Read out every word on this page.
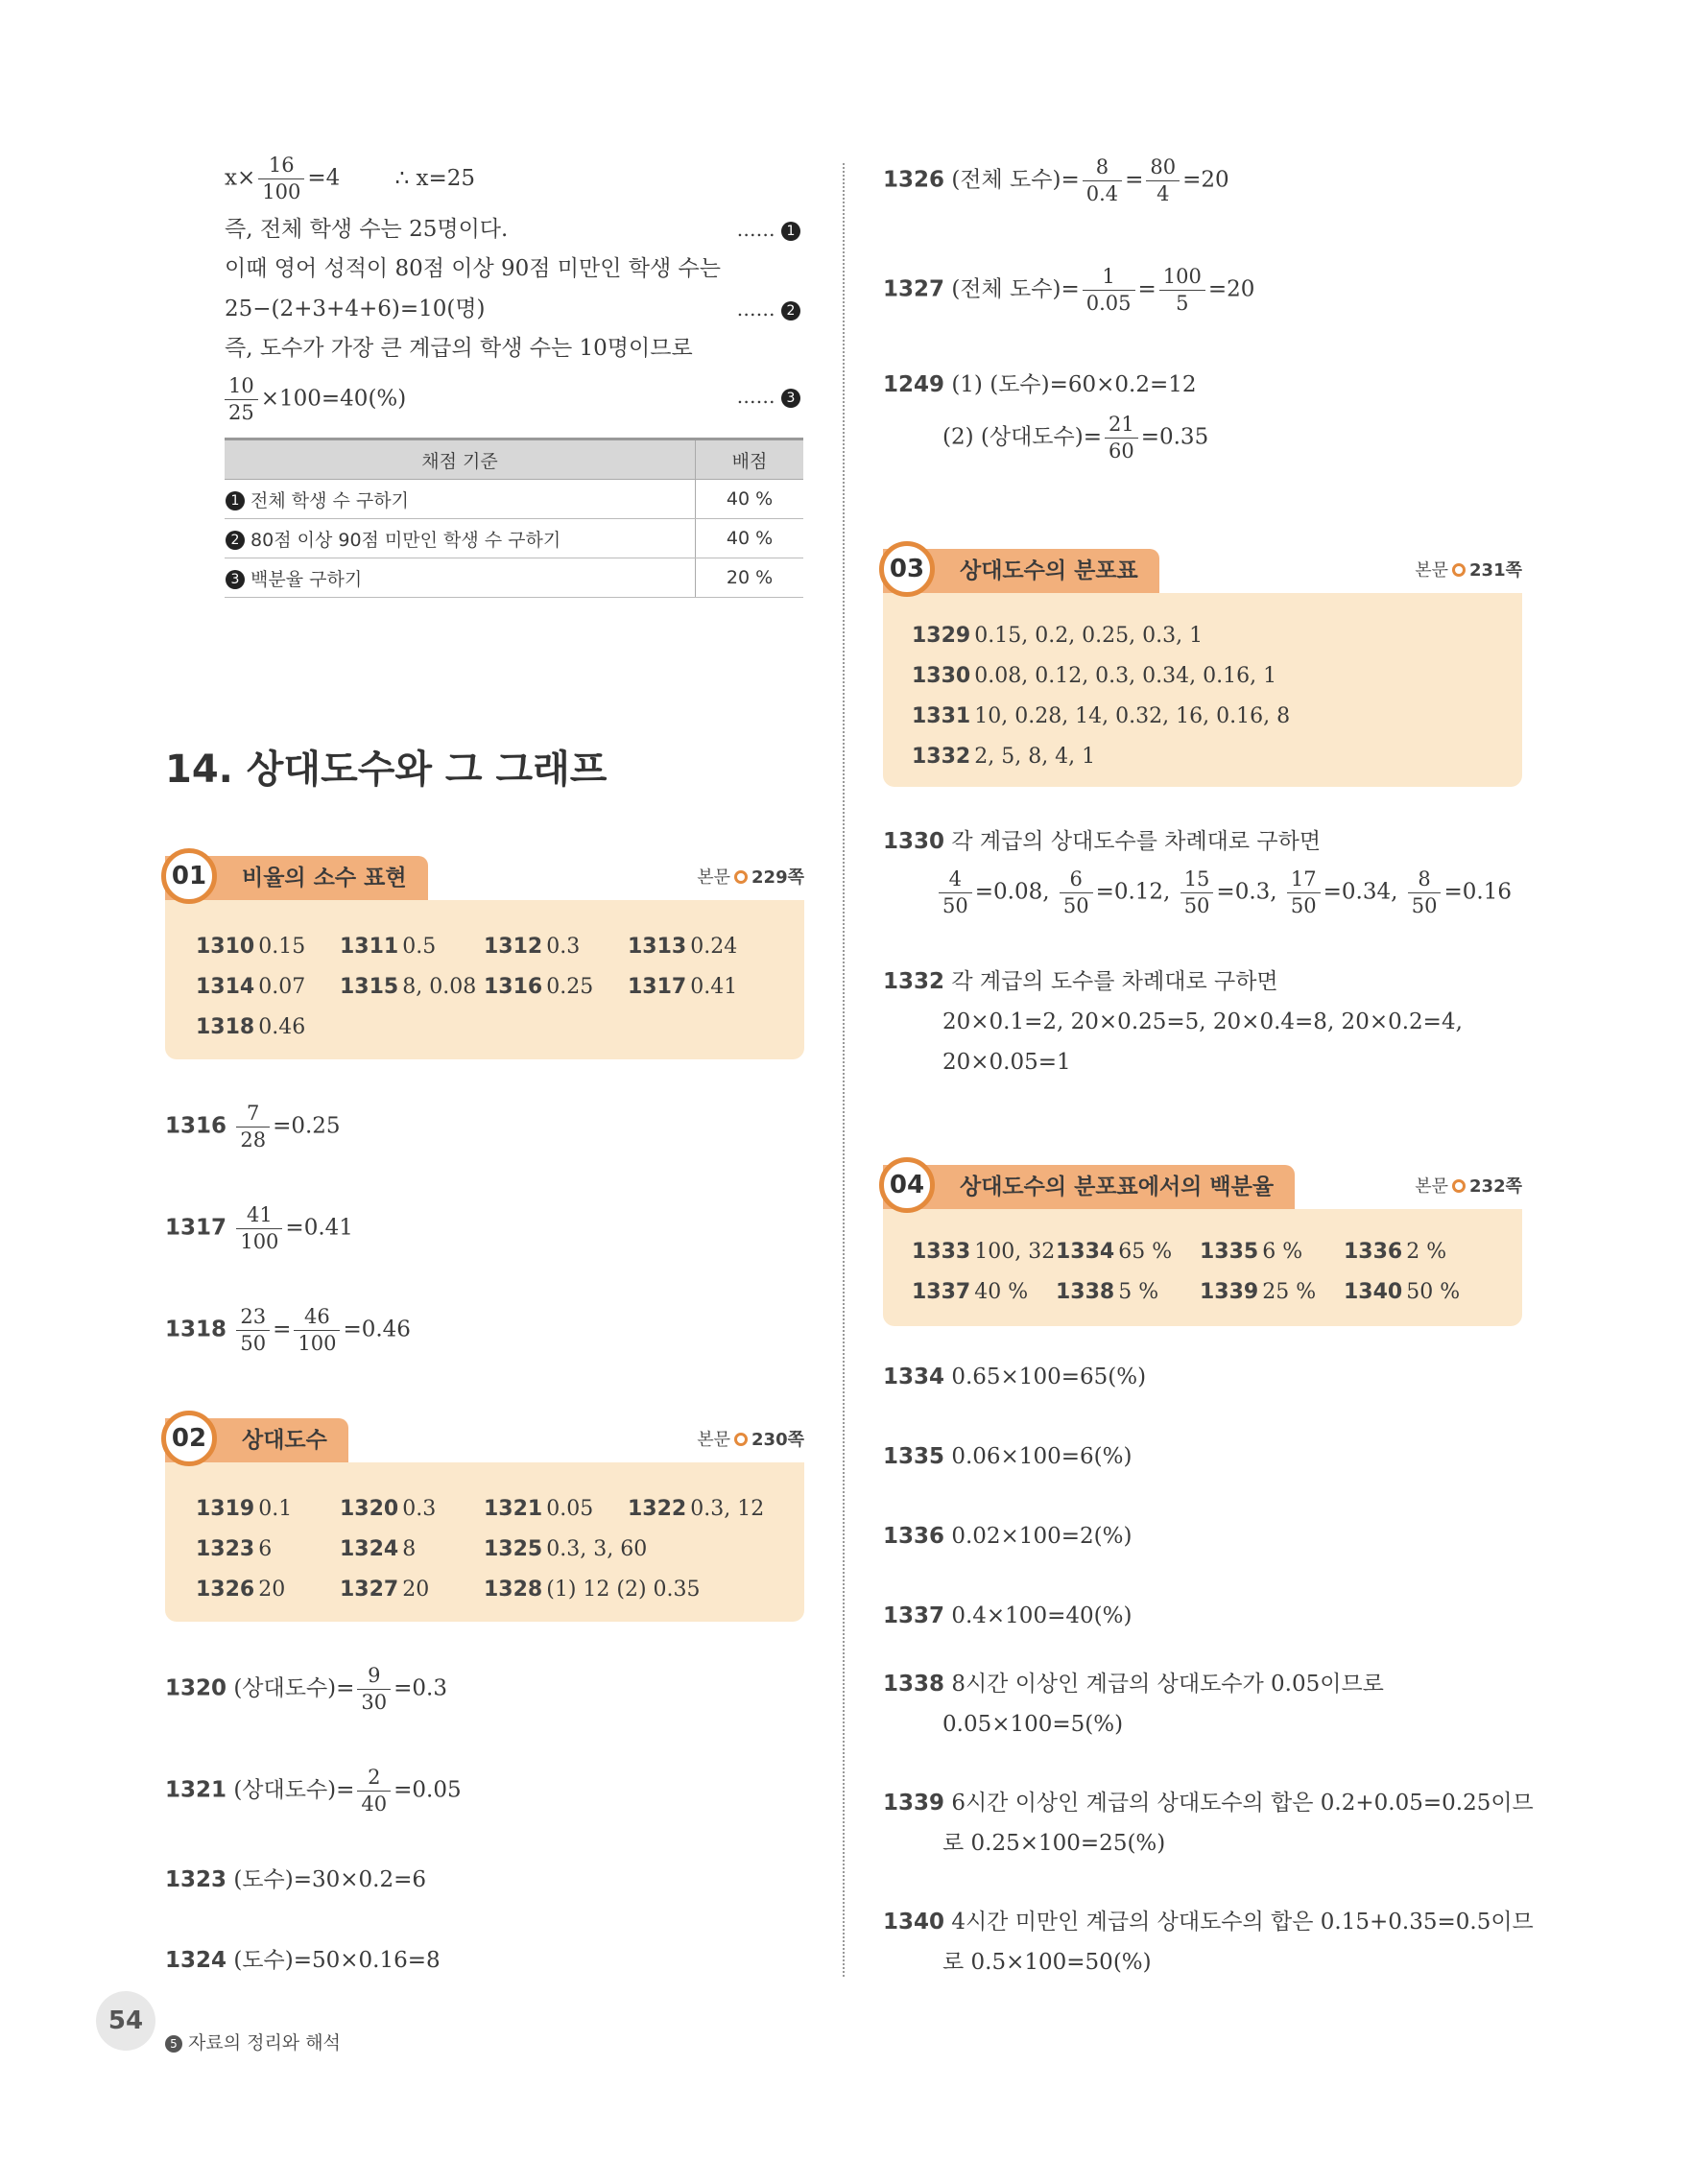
$x\times \frac{16}{100} =4$ ∴ x=25
즉, 전체 학생 수는 25명이다.	…… 1
이때 영어 성적이 80점 이상 90점 미만인 학생 수는
25−(2+3+4+6)=10(명)	…… 2
즉, 도수가 가장 큰 계급의 학생 수는 10명이므로
$\frac{10}{25} \times 100=40(\%)$	…… 3
채점 기준	배점
1 전체 학생 수 구하기	40 %
2 80점 이상 90점 미만인 학생 수 구하기	40 %
3 백분율 구하기	20 %
14. 상대도수와 그 그래프
비율의 소수 표현
01	본문 229쪽
1310 0.15 1311 0.5 1312 0.3 1313 0.24
1314 0.07 1315 8, 0.08 1316 0.25 1317 0.41
1318 0.46
$1316 \frac{7}{28} =0.25$
$1317 \frac{41}{100} =0.41$
$1318 \frac{23}{50} = \frac{46}{100} =0.46$
상대도수
02	본문 230쪽
1319 0.1 1320 0.3 1321 0.05 1322 0.3, 12
1323 6	1324 8	1325 0.3, 3, 60
1326 20	1327 20	1328 (1) 12 (2) 0.35
1320 (상대도수)= $\frac{9}{30} =0.3$
1321 (상대도수)= $\frac{2}{40} =0.05$
1323 (도수)=30×0.2=6
1324 (도수)=50×0.16=8
1326 (전체 도수)= $\frac{8}{0.4} = \frac{80}{4} =20$
1327 (전체 도수)= $\frac{1}{0.05} = \frac{100}{5} =20$
1249 (1) (도수)=60×0.2=12
(2) (상대도수)= $\frac{21}{60} =0.35$
상대도수의 분포표
03	본문 231쪽
1329 0.15, 0.2, 0.25, 0.3, 1
1330 0.08, 0.12, 0.3, 0.34, 0.16, 1
1331 10, 0.28, 14, 0.32, 16, 0.16, 8
1332 2, 5, 8, 4, 1
1330 각 계급의 상대도수를 차례대로 구하면
$\frac{4}{50} =0.08$, $\frac{6}{50} =0.12$, $\frac{15}{50} =0.3$, $\frac{17}{50} =0.34$, $\frac{8}{50} =0.16$
1332 각 계급의 도수를 차례대로 구하면
20×0.1=2, 20×0.25=5, 20×0.4=8, 20×0.2=4,
20×0.05=1
상대도수의 분포표에서의 백분율
04	본문 232쪽
1333 100, 32 1334 65 % 1335 6 % 1336 2 %
1337 40 % 1338 5 % 1339 25 % 1340 50 %
1334 0.65×100=65(%)
1335 0.06×100=6(%)
1336 0.02×100=2(%)
1337 0.4×100=40(%)
1338 8시간 이상인 계급의 상대도수가 0.05이므로
0.05×100=5(%)
1339 6시간 이상인 계급의 상대도수의 합은 0.2+0.05=0.25이므
로 0.25×100=25(%)
1340 4시간 미만인 계급의 상대도수의 합은 0.15+0.35=0.5이므
로 0.5×100=50(%)
54
5 자료의 정리와 해석
